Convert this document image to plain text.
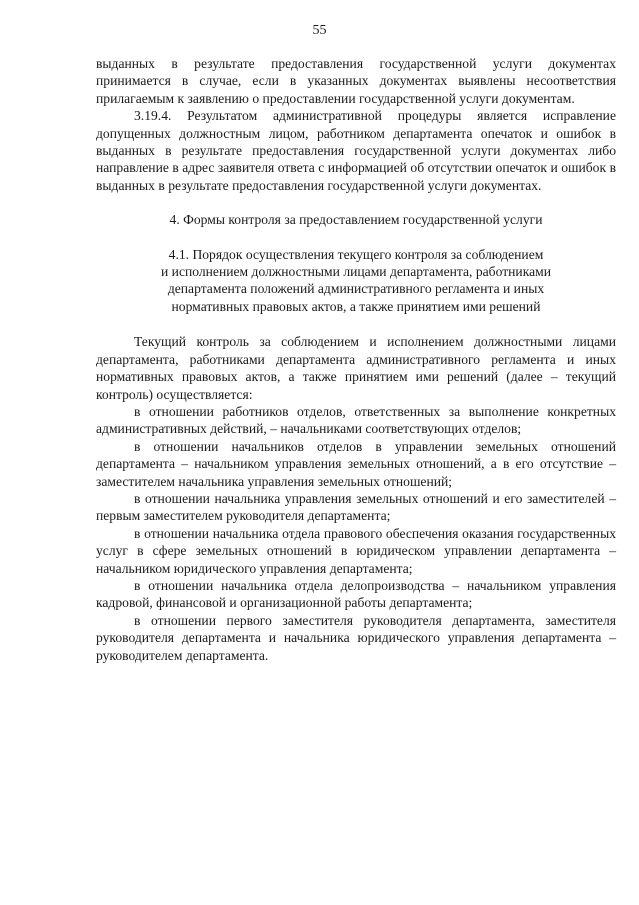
55

выданных в результате предоставления государственной услуги документах принимается в случае, если в указанных документах выявлены несоответствия прилагаемым к заявлению о предоставлении государственной услуги документам.

3.19.4. Результатом административной процедуры является исправление допущенных должностным лицом, работником департамента опечаток и ошибок в выданных в результате предоставления государственной услуги документах либо направление в адрес заявителя ответа с информацией об отсутствии опечаток и ошибок в выданных в результате предоставления государственной услуги документах.

4. Формы контроля за предоставлением государственной услуги

4.1. Порядок осуществления текущего контроля за соблюдением

и исполнением должностными лицами департамента, работниками

департамента положений административного регламента и иных

нормативных правовых актов, а также принятием ими решений

Текущий контроль за соблюдением и исполнением должностными лицами департамента, работниками департамента административного регламента и иных нормативных правовых актов, а также принятием ими решений (далее – текущий контроль) осуществляется:

в отношении работников отделов, ответственных за выполнение конкретных административных действий, – начальниками соответствующих отделов;

в отношении начальников отделов в управлении земельных отношений департамента – начальником управления земельных отношений, а в его отсутствие – заместителем начальника управления земельных отношений;

в отношении начальника управления земельных отношений и его заместителей – первым заместителем руководителя департамента;

в отношении начальника отдела правового обеспечения оказания государственных услуг в сфере земельных отношений в юридическом управлении департамента – начальником юридического управления департамента;

в отношении начальника отдела делопроизводства – начальником управления кадровой, финансовой и организационной работы департамента;

в отношении первого заместителя руководителя департамента, заместителя руководителя департамента и начальника юридического управления департамента – руководителем департамента.
